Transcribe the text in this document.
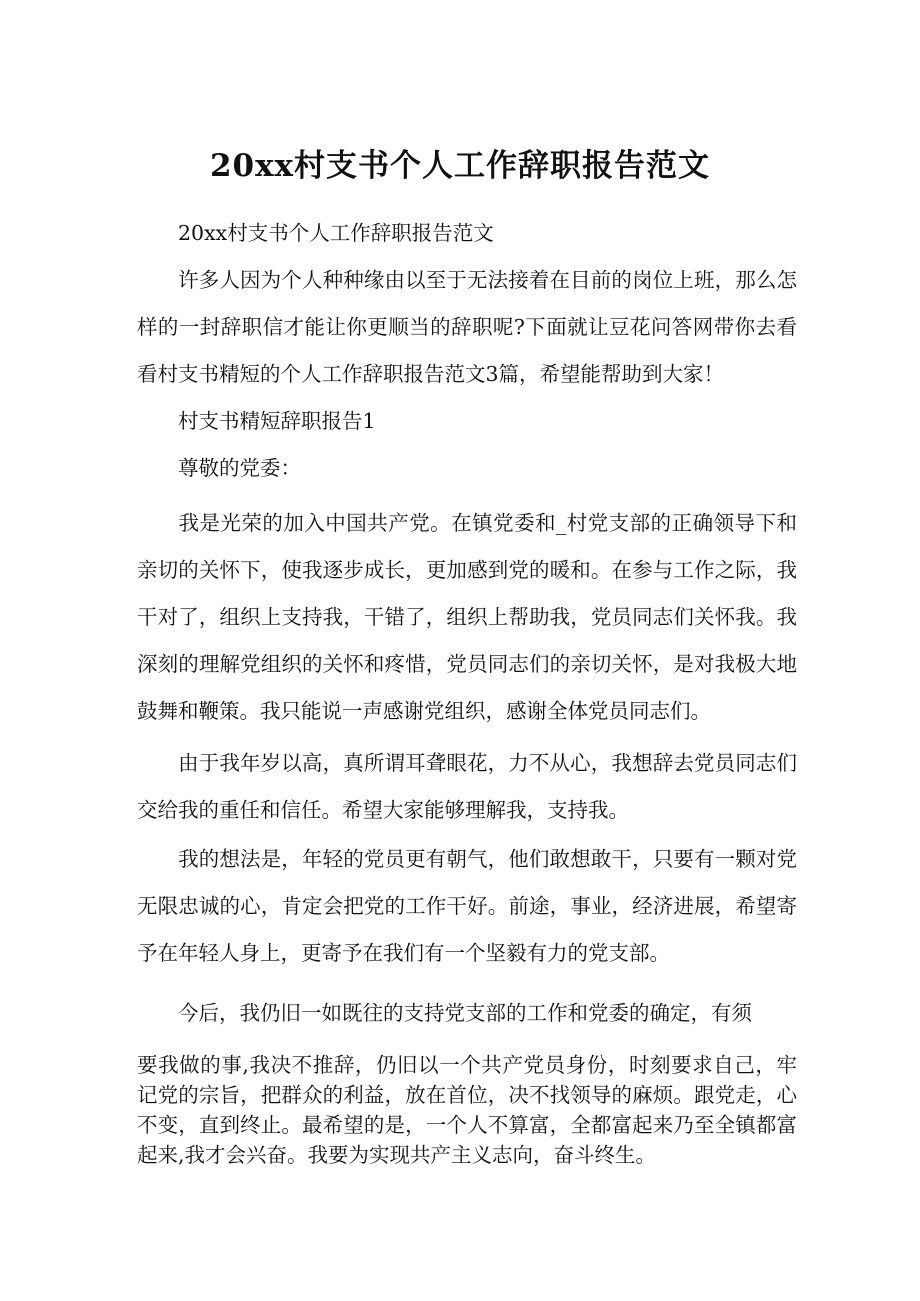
20xx村支书个人工作辞职报告范文

20xx村支书个人工作辞职报告范文

许多人因为个人种种缘由以至于无法接着在目前的岗位上班，那么怎样的一封辞职信才能让你更顺当的辞职呢?下面就让豆花问答网带你去看看村支书精短的个人工作辞职报告范文3篇，希望能帮助到大家！

村支书精短辞职报告1

尊敬的党委：

我是光荣的加入中国共产党。在镇党委和_村党支部的正确领导下和亲切的关怀下，使我逐步成长，更加感到党的暖和。在参与工作之际，我干对了，组织上支持我，干错了，组织上帮助我，党员同志们关怀我。我深刻的理解党组织的关怀和疼惜，党员同志们的亲切关怀，是对我极大地鼓舞和鞭策。我只能说一声感谢党组织，感谢全体党员同志们。

由于我年岁以高，真所谓耳聋眼花，力不从心，我想辞去党员同志们交给我的重任和信任。希望大家能够理解我，支持我。

我的想法是，年轻的党员更有朝气，他们敢想敢干，只要有一颗对党无限忠诚的心，肯定会把党的工作干好。前途，事业，经济进展，希望寄予在年轻人身上，更寄予在我们有一个坚毅有力的党支部。

今后，我仍旧一如既往的支持党支部的工作和党委的确定，有须

要我做的事,我决不推辞，仍旧以一个共产党员身份，时刻要求自己，牢记党的宗旨，把群众的利益，放在首位，决不找领导的麻烦。跟党走，心不变，直到终止。最希望的是，一个人不算富，全都富起来乃至全镇都富起来,我才会兴奋。我要为实现共产主义志向，奋斗终生。
